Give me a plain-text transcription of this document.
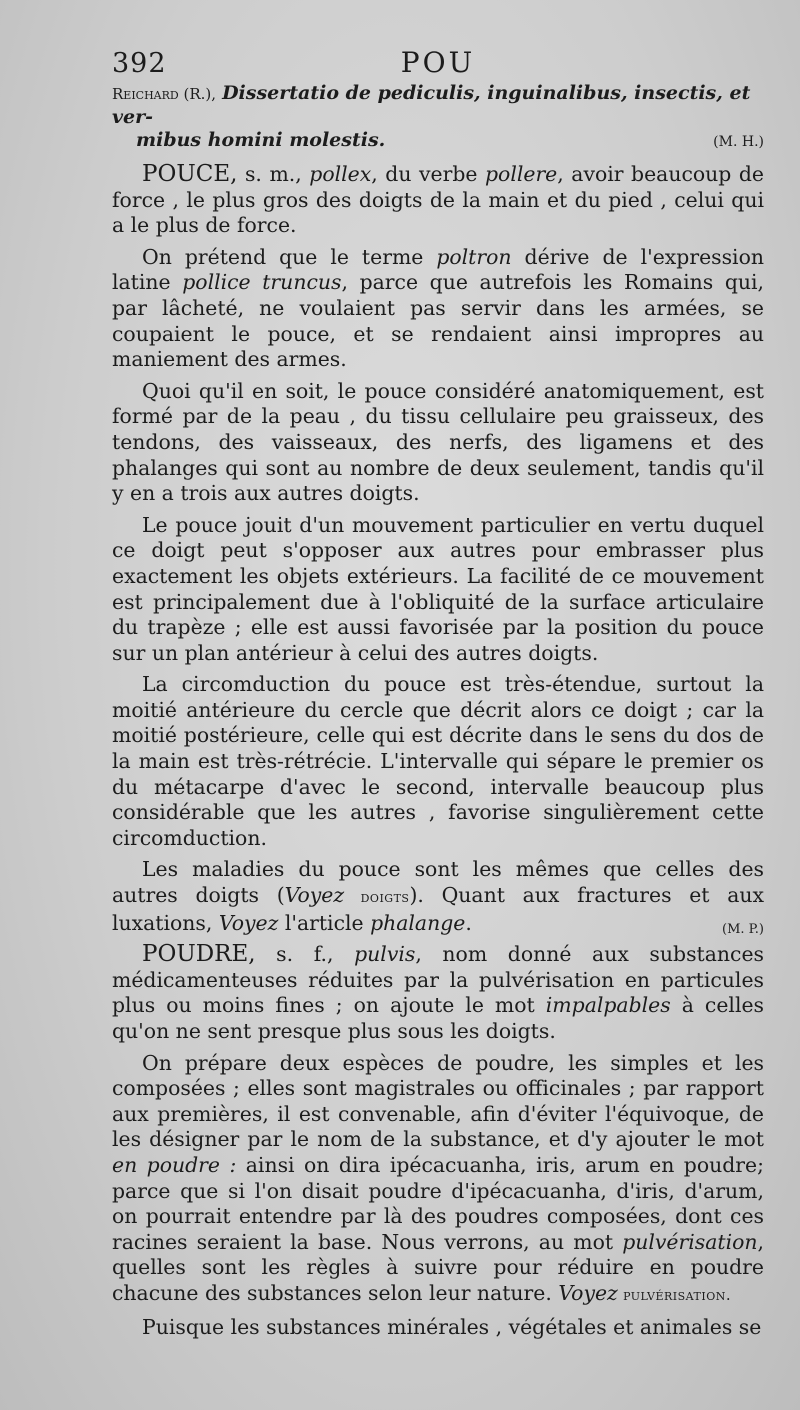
392	POU
Reichard (R.), Dissertatio de pediculis, inguinalibus, insectis, et ver-
mibus homini molestis.	(M. H.)

POUCE, s. m., pollex, du verbe pollere, avoir beaucoup de force , le plus gros des doigts de la main et du pied , celui qui a le plus de force.

On prétend que le terme poltron dérive de l'expression latine pollice truncus, parce que autrefois les Romains qui, par lâcheté, ne voulaient pas servir dans les armées, se coupaient le pouce, et se rendaient ainsi impropres au maniement des armes.

Quoi qu'il en soit, le pouce considéré anatomiquement, est formé par de la peau , du tissu cellulaire peu graisseux, des tendons, des vaisseaux, des nerfs, des ligamens et des phalanges qui sont au nombre de deux seulement, tandis qu'il y en a trois aux autres doigts.

Le pouce jouit d'un mouvement particulier en vertu duquel ce doigt peut s'opposer aux autres pour embrasser plus exactement les objets extérieurs. La facilité de ce mouvement est principalement due à l'obliquité de la surface articulaire du trapèze ; elle est aussi favorisée par la position du pouce sur un plan antérieur à celui des autres doigts.

La circomduction du pouce est très-étendue, surtout la moitié antérieure du cercle que décrit alors ce doigt ; car la moitié postérieure, celle qui est décrite dans le sens du dos de la main est très-rétrécie. L'intervalle qui sépare le premier os du métacarpe d'avec le second, intervalle beaucoup plus considérable que les autres , favorise singulièrement cette circomduction.

Les maladies du pouce sont les mêmes que celles des autres doigts (Voyez doigts). Quant aux fractures et aux luxations, Voyez l'article phalange.	(M. P.)

POUDRE, s. f., pulvis, nom donné aux substances médicamenteuses réduites par la pulvérisation en particules plus ou moins fines ; on ajoute le mot impalpables à celles qu'on ne sent presque plus sous les doigts.

On prépare deux espèces de poudre, les simples et les composées ; elles sont magistrales ou officinales ; par rapport aux premières, il est convenable, afin d'éviter l'équivoque, de les désigner par le nom de la substance, et d'y ajouter le mot en poudre : ainsi on dira ipécacuanha, iris, arum en poudre; parce que si l'on disait poudre d'ipécacuanha, d'iris, d'arum, on pourrait entendre par là des poudres composées, dont ces racines seraient la base. Nous verrons, au mot pulvérisation, quelles sont les règles à suivre pour réduire en poudre chacune des substances selon leur nature. Voyez pulvérisation.

Puisque les substances minérales , végétales et animales se
